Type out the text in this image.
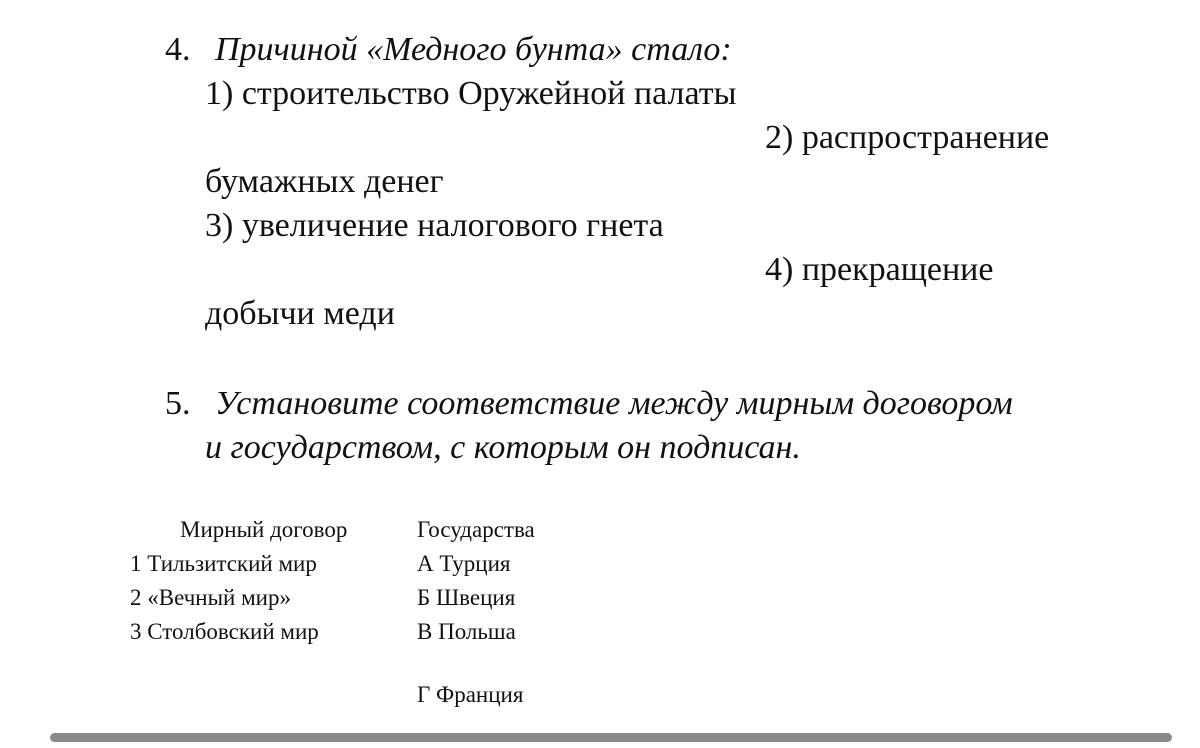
4. Причиной «Медного бунта» стало:
1) строительство Оружейной палаты
2) распространение
бумажных денег
3) увеличение налогового гнета
4) прекращение
добычи меди
5. Установите соответствие между мирным договором
и государством, с которым он подписан.
Мирный договор	Государства
1 Тильзитский мир
2 «Вечный мир»
3 Столбовский мир
А Турция
Б Швеция
В Польша
Г Франция
